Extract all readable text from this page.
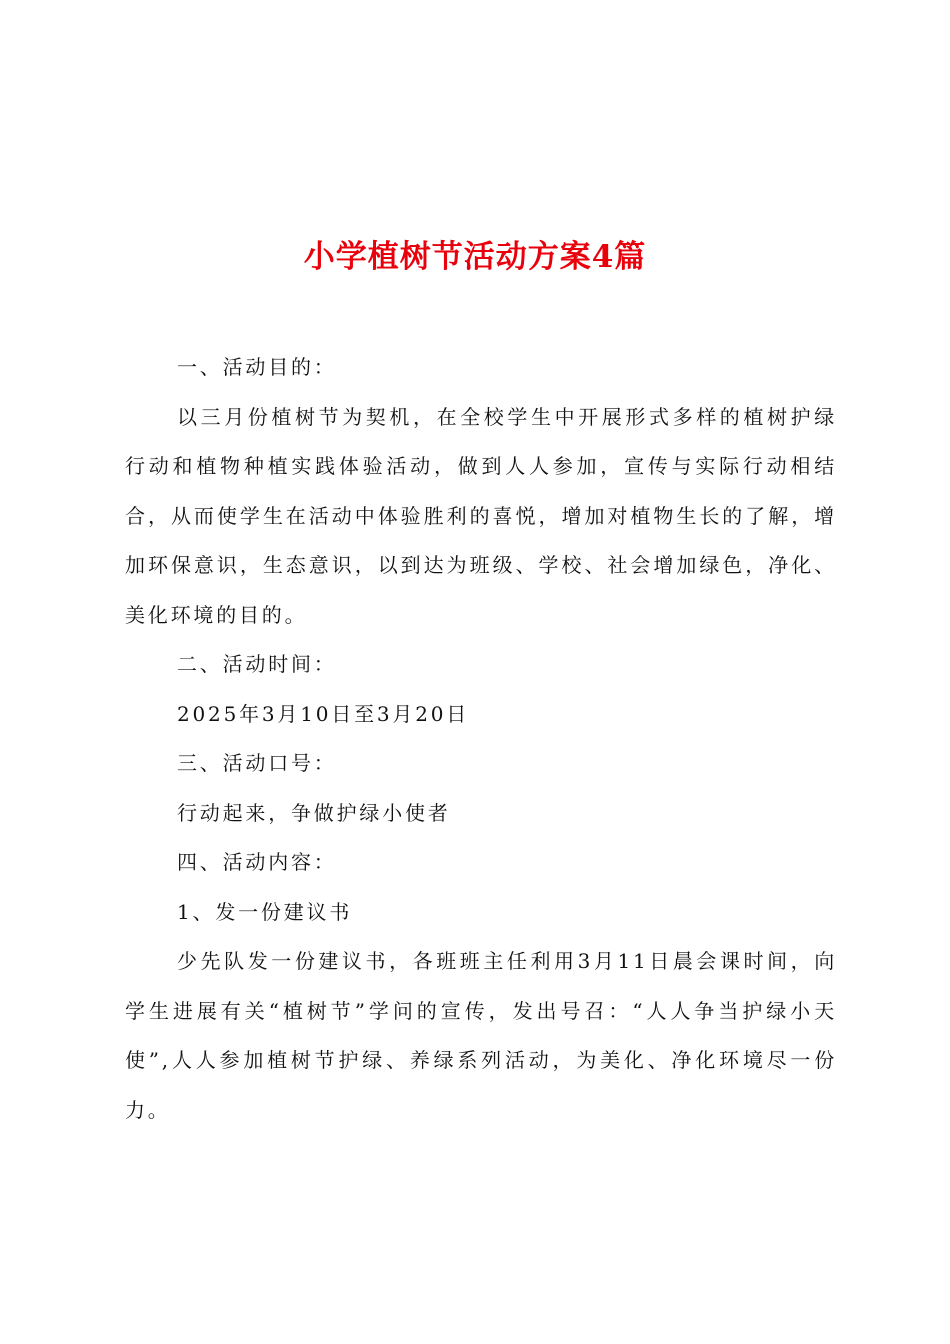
小学植树节活动方案4篇

一、活动目的：

以三月份植树节为契机，在全校学生中开展形式多样的植树护绿行动和植物种植实践体验活动，做到人人参加，宣传与实际行动相结合，从而使学生在活动中体验胜利的喜悦，增加对植物生长的了解，增加环保意识，生态意识，以到达为班级、学校、社会增加绿色，净化、美化环境的目的。

二、活动时间：

2025年3月10日至3月20日

三、活动口号：

行动起来，争做护绿小使者

四、活动内容：

1、发一份建议书

少先队发一份建议书，各班班主任利用3月11日晨会课时间，向学生进展有关“植树节”学问的宣传，发出号召：“人人争当护绿小天使”,人人参加植树节护绿、养绿系列活动，为美化、净化环境尽一份力。
